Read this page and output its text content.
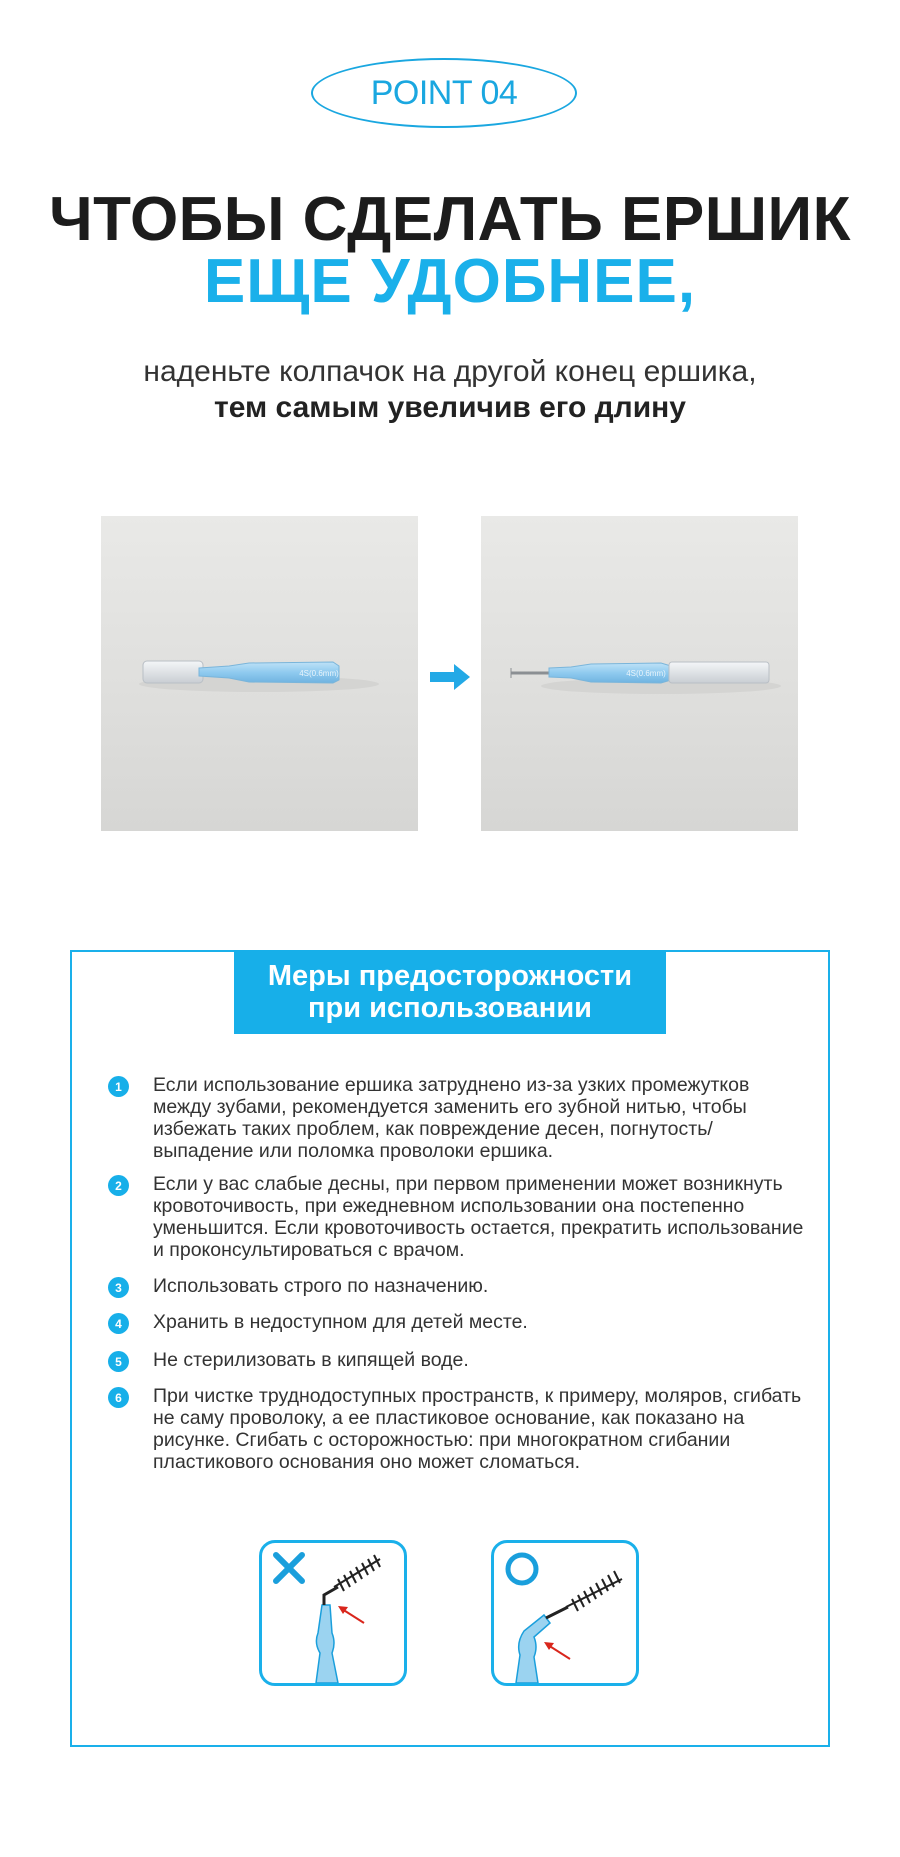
POINT 04
ЧТОБЫ СДЕЛАТЬ ЕРШИК
ЕЩЕ УДОБНЕЕ,
наденьте колпачок на другой конец ершика,
тем самым увеличив его длину
4S(0.6mm)	4S(0.6mm)
Меры предосторожности
при использовании
1	Если использование ершика затруднено из-за узких промежутков между зубами, рекомендуется заменить его зубной нитью, чтобы избежать таких проблем, как повреждение десен, погнутость/выпадение или поломка проволоки ершика.
2	Если у вас слабые десны, при первом применении может возникнуть кровоточивость, при ежедневном использовании она постепенно уменьшится. Если кровоточивость остается, прекратить использование и проконсультироваться с врачом.
3	Использовать строго по назначению.
4	Хранить в недоступном для детей месте.
5	Не стерилизовать в кипящей воде.
6	При чистке труднодоступных пространств, к примеру, моляров, сгибать не саму проволоку, а ее пластиковое основание, как показано на рисунке. Сгибать с осторожностью: при многократном сгибании пластикового основания оно может сломаться.
